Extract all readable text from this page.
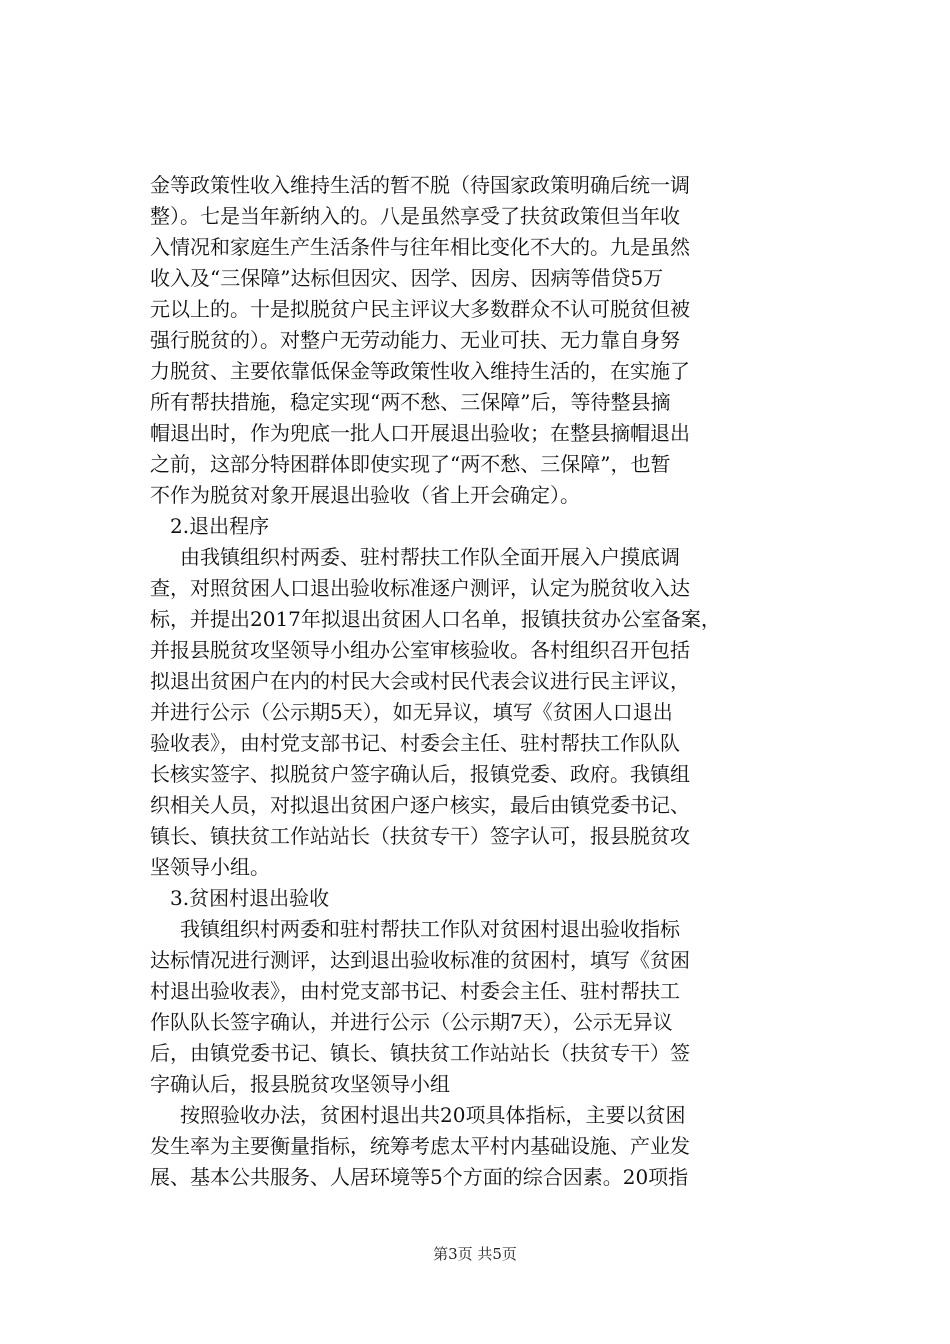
金等政策性收入维持生活的暂不脱（待国家政策明确后统一调
整）。七是当年新纳入的。八是虽然享受了扶贫政策但当年收
入情况和家庭生产生活条件与往年相比变化不大的。九是虽然
收入及“三保障”达标但因灾、因学、因房、因病等借贷5万
元以上的。十是拟脱贫户民主评议大多数群众不认可脱贫但被
强行脱贫的）。对整户无劳动能力、无业可扶、无力靠自身努
力脱贫、主要依靠低保金等政策性收入维持生活的，在实施了
所有帮扶措施，稳定实现“两不愁、三保障”后，等待整县摘
帽退出时，作为兜底一批人口开展退出验收；在整县摘帽退出
之前，这部分特困群体即使实现了“两不愁、三保障”，也暂
不作为脱贫对象开展退出验收（省上开会确定）。
2.退出程序
由我镇组织村两委、驻村帮扶工作队全面开展入户摸底调
查，对照贫困人口退出验收标准逐户测评，认定为脱贫收入达
标，并提出2017年拟退出贫困人口名单，报镇扶贫办公室备案，
并报县脱贫攻坚领导小组办公室审核验收。各村组织召开包括
拟退出贫困户在内的村民大会或村民代表会议进行民主评议，
并进行公示（公示期5天），如无异议，填写《贫困人口退出
验收表》，由村党支部书记、村委会主任、驻村帮扶工作队队
长核实签字、拟脱贫户签字确认后，报镇党委、政府。我镇组
织相关人员，对拟退出贫困户逐户核实，最后由镇党委书记、
镇长、镇扶贫工作站站长（扶贫专干）签字认可，报县脱贫攻
坚领导小组。
3.贫困村退出验收
我镇组织村两委和驻村帮扶工作队对贫困村退出验收指标
达标情况进行测评，达到退出验收标准的贫困村，填写《贫困
村退出验收表》，由村党支部书记、村委会主任、驻村帮扶工
作队队长签字确认，并进行公示（公示期7天），公示无异议
后，由镇党委书记、镇长、镇扶贫工作站站长（扶贫专干）签
字确认后，报县脱贫攻坚领导小组
按照验收办法，贫困村退出共20项具体指标，主要以贫困
发生率为主要衡量指标，统筹考虑太平村内基础设施、产业发
展、基本公共服务、人居环境等5个方面的综合因素。20项指
第3页 共5页
